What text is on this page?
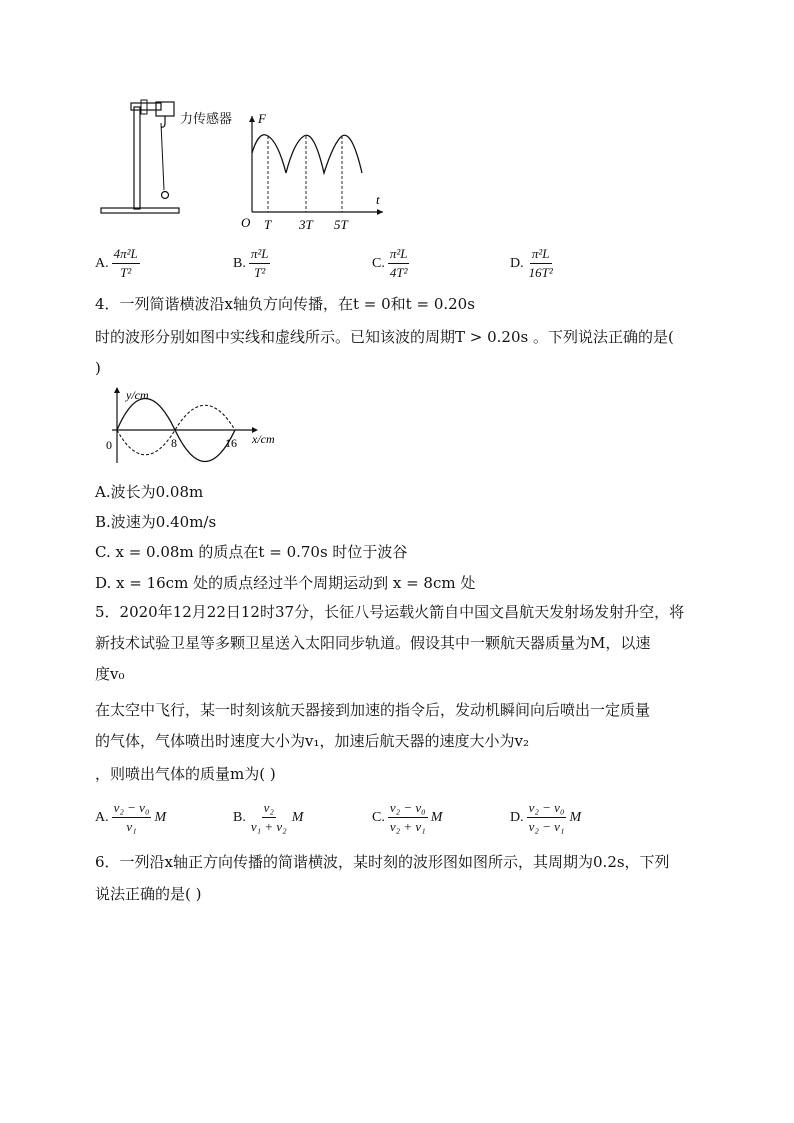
力传感器 F
t
O T 3T 5T
A. $\frac{\text{4π²L}}{\text{T²}}$	B. $\frac{\text{π²L}}{\text{T²}}$	C. $\frac{\text{π²L}}{\text{4T²}}$	D. $\frac{\text{π²L}}{\text{16T²}}$
4．一列简谐横波沿x轴负方向传播，在t = 0和t = 0.20s
时的波形分别如图中实线和虚线所示。已知该波的周期T > 0.20s 。下列说法正确的是(
)
y/cm
x/cm
0	8	16
A.波长为0.08m
B.波速为0.40m/s
C. x = 0.08m 的质点在t = 0.70s 时位于波谷
D. x = 16cm 处的质点经过半个周期运动到 x = 8cm 处
5．2020年12月22日12时37分，长征八号运载火箭自中国文昌航天发射场发射升空，将
新技术试验卫星等多颗卫星送入太阳同步轨道。假设其中一颗航天器质量为M，以速
度v₀
在太空中飞行，某一时刻该航天器接到加速的指令后，发动机瞬间向后喷出一定质量
的气体，气体喷出时速度大小为v₁，加速后航天器的速度大小为v₂
，则喷出气体的质量m为( )
A. $\frac{\text{v₂ − v₀}}{\text{v₁}}$ M	B. $\frac{\text{v₂}}{\text{v₁ + v₂}}$ M	C. $\frac{\text{v₂ − v₀}}{\text{v₂ + v₁}}$ M	D. $\frac{\text{v₂ − v₀}}{\text{v₂ − v₁}}$ M
6．一列沿x轴正方向传播的简谐横波，某时刻的波形图如图所示，其周期为0.2s，下列
说法正确的是( )
